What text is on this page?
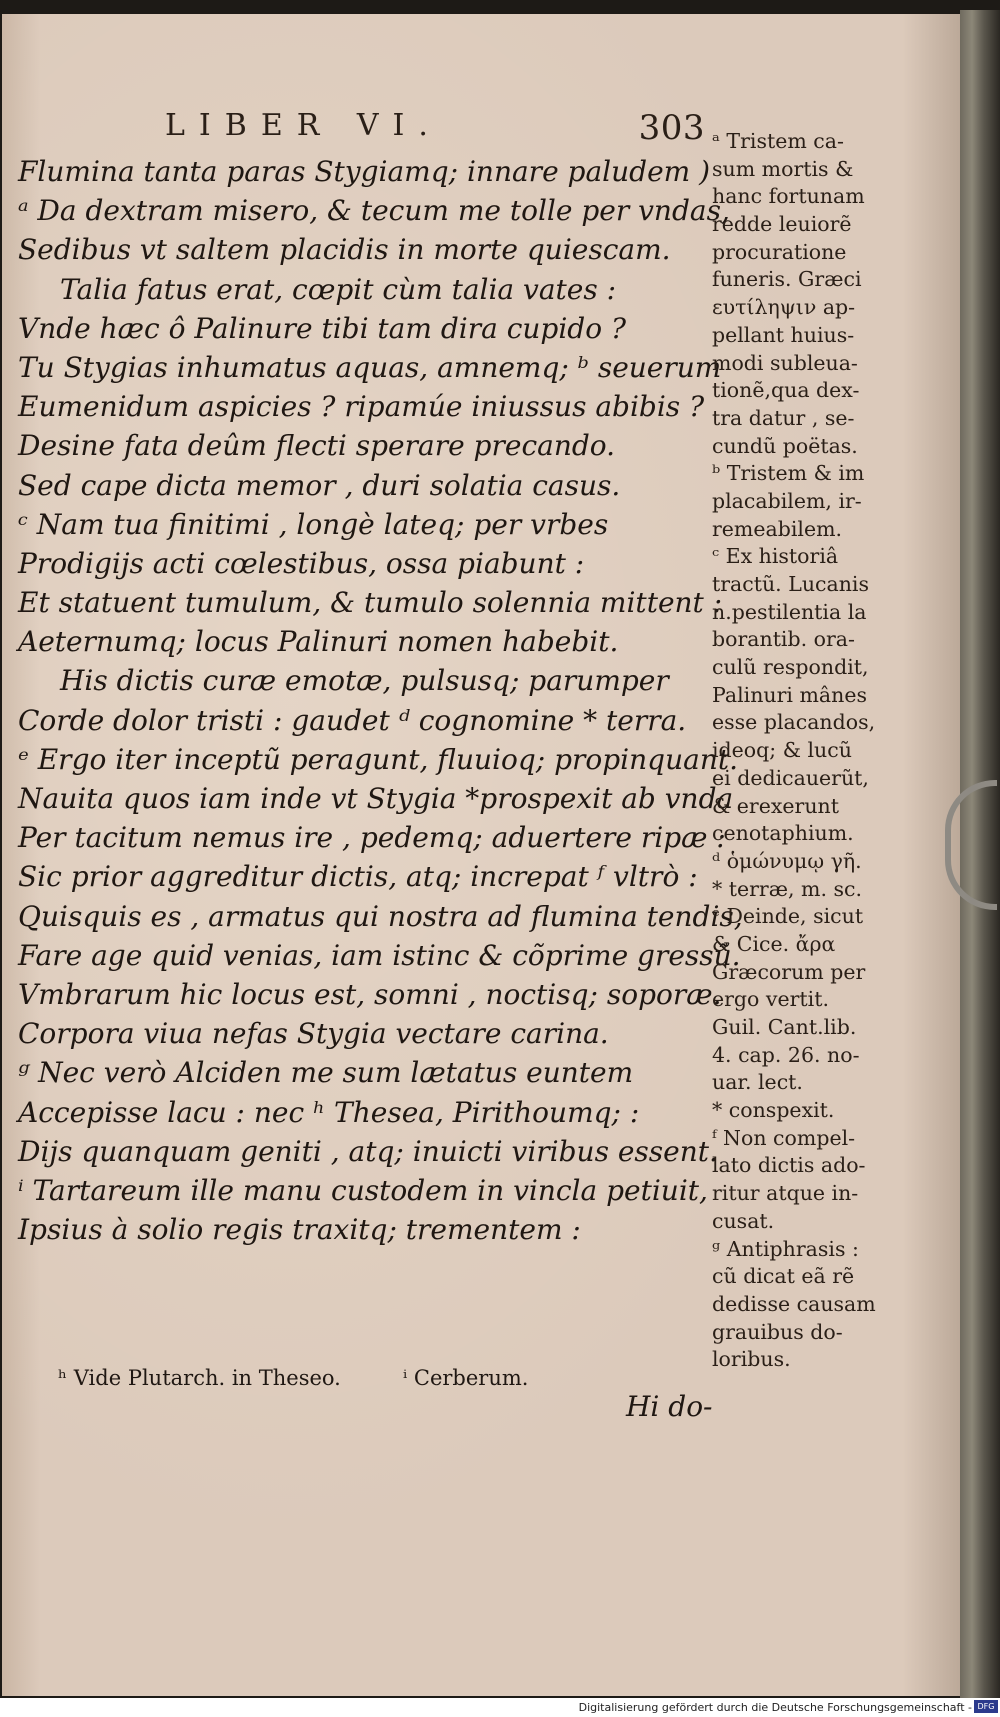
LIBER VI.	303
Flumina tanta paras Stygiamq; innare paludem )
ᵃ Da dextram misero, & tecum me tolle per vndas,
Sedibus vt saltem placidis in morte quiescam.
Talia fatus erat, cœpit cùm talia vates :
Vnde hæc ô Palinure tibi tam dira cupido ?
Tu Stygias inhumatus aquas, amnemq; ᵇ seuerum
Eumenidum aspicies ? ripamúe iniussus abibis ?
Desine fata deûm flecti sperare precando.
Sed cape dicta memor , duri solatia casus.
ᶜ Nam tua finitimi , longè lateq; per vrbes
Prodigijs acti cœlestibus, ossa piabunt :
Et statuent tumulum, & tumulo solennia mittent :
Aeternumq; locus Palinuri nomen habebit.
His dictis curæ emotæ, pulsusq; parumper
Corde dolor tristi : gaudet ᵈ cognomine * terra.
ᵉ Ergo iter inceptũ peragunt, fluuioq; propinquant.
Nauita quos iam inde vt Stygia *prospexit ab vnda
Per tacitum nemus ire , pedemq; aduertere ripæ :
Sic prior aggreditur dictis, atq; increpat ᶠ vltrò :
Quisquis es , armatus qui nostra ad flumina tendis,
Fare age quid venias, iam istinc & cõprime gressũ.
Vmbrarum hic locus est, somni , noctisq; soporæ.
Corpora viua nefas Stygia vectare carina.
ᵍ Nec verò Alciden me sum lætatus euntem
Accepisse lacu : nec ʰ Thesea, Pirithoumq; :
Dijs quanquam geniti , atq; inuicti viribus essent.
ⁱ Tartareum ille manu custodem in vincla petiuit,
Ipsius à solio regis traxitq; trementem :
ᵃ Tristem ca-
sum mortis &
hanc fortunam
redde leuiorẽ
procuratione
funeris. Græci
ευτίληψιν ap-
pellant huius-
modi subleua-
tionẽ,qua dex-
tra datur , se-
cundũ poëtas.
ᵇ Tristem & im
placabilem, ir-
remeabilem.
ᶜ Ex historiâ
tractũ. Lucanis
n.pestilentia la
borantib. ora-
culũ respondit,
Palinuri mânes
esse placandos,
ideoq; & lucũ
ei dedicauerũt,
& erexerunt
cenotaphium.
ᵈ ὁμώνυμῳ γῆ.
* terræ, m. sc.
ᵉ Deinde, sicut
& Cice. ἄρα
Græcorum per
ergo vertit.
Guil. Cant.lib.
4. cap. 26. no-
uar. lect.
* conspexit.
ᶠ Non compel-
lato dictis ado-
ritur atque in-
cusat.
ᵍ Antiphrasis :
cũ dicat eã rẽ
dedisse causam
grauibus do-
loribus.
ʰ Vide Plutarch. in Theseo.	ⁱ Cerberum.
Hi do-
Digitalisierung gefördert durch die Deutsche Forschungsgemeinschaft - DFG
